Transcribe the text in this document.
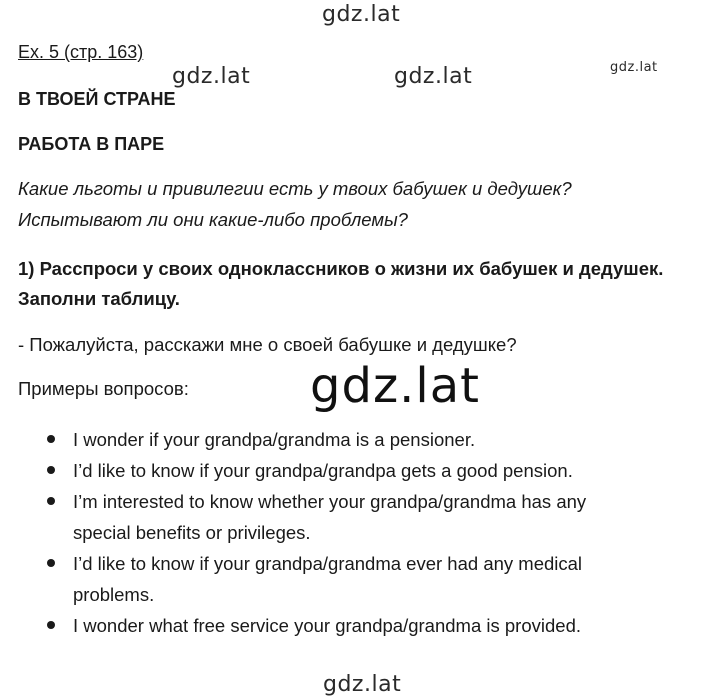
gdz.lat
gdz.lat	gdz.lat	gdz.lat
gdz.lat
gdz.lat
Ex. 5 (стр. 163)
В ТВОЕЙ СТРАНЕ
РАБОТА В ПАРЕ
Какие льготы и привилегии есть у твоих бабушек и дедушек?
Испытывают ли они какие-либо проблемы?
1) Расспроси у своих одноклассников о жизни их бабушек и дедушек.
Заполни таблицу.
- Пожалуйста, расскажи мне о своей бабушке и дедушке?
Примеры вопросов:
I wonder if your grandpa/grandma is a pensioner.
I’d like to know if your grandpa/grandpa gets a good pension.
I’m interested to know whether your grandpa/grandma has any
special benefits or privileges.
I’d like to know if your grandpa/grandma ever had any medical
problems.
I wonder what free service your grandpa/grandma is provided.
